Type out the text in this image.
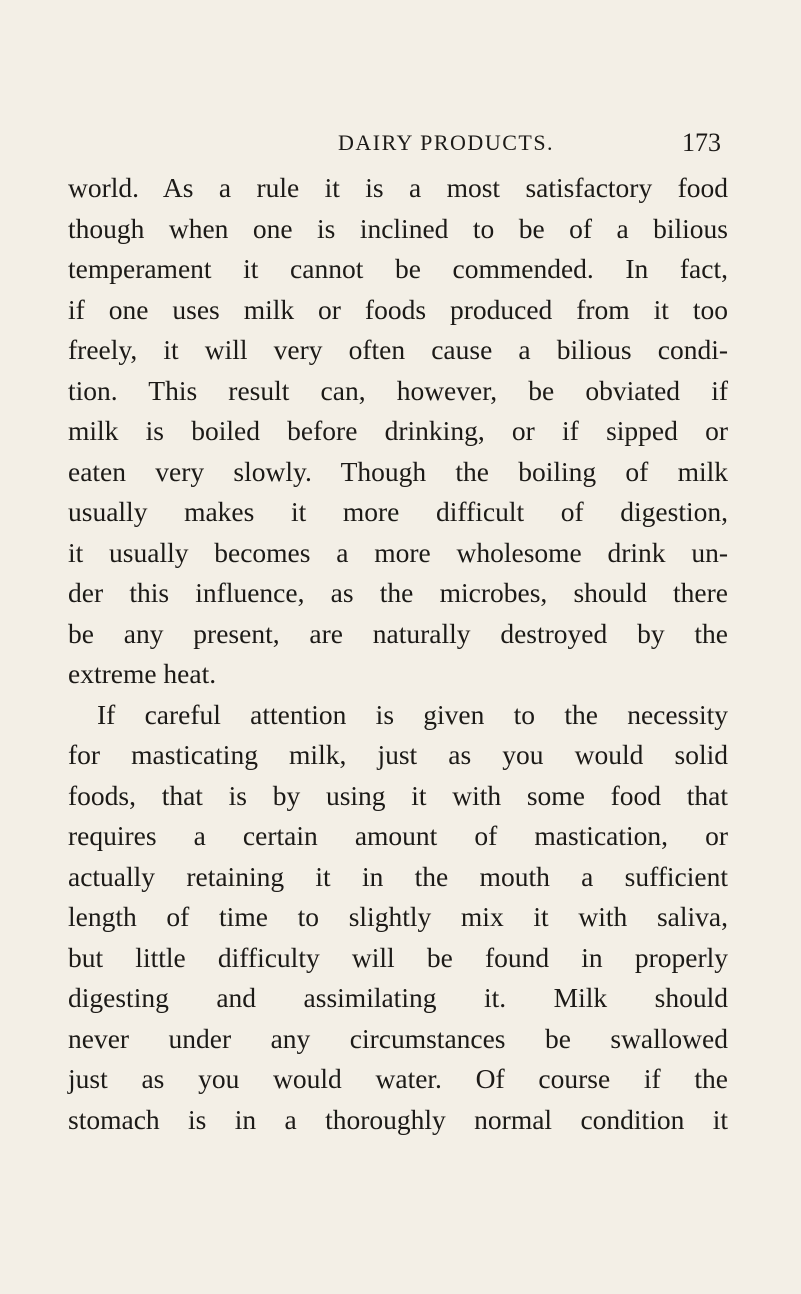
DAIRY PRODUCTS.	173
world. As a rule it is a most satisfactory food
though when one is inclined to be of a bilious
temperament it cannot be commended. In fact,
if one uses milk or foods produced from it too
freely, it will very often cause a bilious condi-
tion. This result can, however, be obviated if
milk is boiled before drinking, or if sipped or
eaten very slowly. Though the boiling of milk
usually makes it more difficult of digestion,
it usually becomes a more wholesome drink un-
der this influence, as the microbes, should there
be any present, are naturally destroyed by the
extreme heat.
If careful attention is given to the necessity
for masticating milk, just as you would solid
foods, that is by using it with some food that
requires a certain amount of mastication, or
actually retaining it in the mouth a sufficient
length of time to slightly mix it with saliva,
but little difficulty will be found in properly
digesting and assimilating it. Milk should
never under any circumstances be swallowed
just as you would water. Of course if the
stomach is in a thoroughly normal condition it
